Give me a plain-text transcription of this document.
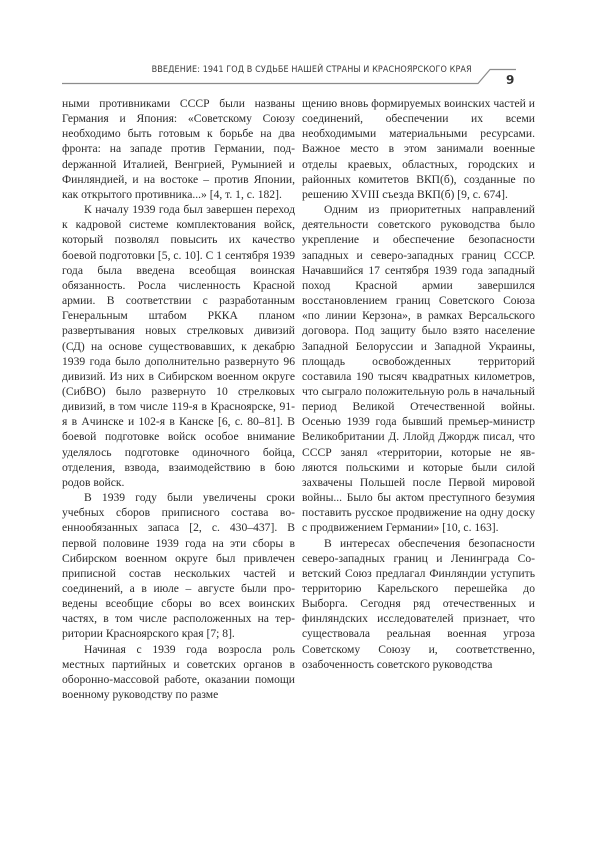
ВВЕДЕНИЕ: 1941 ГОД В СУДЬБЕ НАШЕЙ СТРАНЫ И КРАСНОЯРСКОГО КРАЯ
9

ными противниками СССР были названы Германия и Япония: «Советскому Союзу необходимо быть готовым к борьбе на два фронта: на западе против Германии, подdержанной Италией, Венгрией, Румынией и Финляндией, и на востоке – против Японии, как открытого противника...» [4, т. 1, с. 182].

К началу 1939 года был завершен переход к кадровой системе комплектования войск, который позволял повысить их качество боевой подготовки [5, с. 10]. С 1 сентября 1939 года была введена всеобщая воинская обязанность. Росла численность Красной армии. В соответствии с разработанным Генеральным штабом РККА планом развертывания новых стрелковых дивизий (СД) на основе существовавших, к декабрю 1939 года было дополнительно развернуто 96 дивизий. Из них в Сибирском военном округе (СибВО) было развернуто 10 стрелковых дивизий, в том числе 119-я в Красноярске, 91-я в Ачинске и 102-я в Канске [6, с. 80–81]. В боевой подготовке войск особое внимание уделялось подготовке одиночного бойца, отделения, взвода, взаимодействию в бою родов войск.

В 1939 году были увеличены сроки учебных сборов приписного состава военнообязанных запаса [2, с. 430–437]. В первой половине 1939 года на эти сборы в Сибирском военном округе был привлечен приписной состав нескольких частей и соединений, а в июле – августе были проведены всеобщие сборы во всех воинских частях, в том числе расположенных на территории Красноярского края [7; 8].

Начиная с 1939 года возросла роль местных партийных и советских органов в оборонно-массовой работе, оказании помощи военному руководству по разме

щению вновь формируемых воинских частей и соединений, обеспечении их всеми необходимыми материальными ресурсами. Важное место в этом занимали военные отделы краевых, областных, городских и районных комитетов ВКП(б), созданные по решению XVIII съезда ВКП(б) [9, с. 674].

Одним из приоритетных направлений деятельности советского руководства было укрепление и обеспечение безопасности западных и северо-западных границ СССР. Начавшийся 17 сентября 1939 года западный поход Красной армии завершился восстановлением границ Советского Союза «по линии Керзона», в рамках Версальского договора. Под защиту было взято население Западной Белоруссии и Западной Украины, площадь освобожденных территорий составила 190 тысяч квадратных километров, что сыграло положительную роль в начальный период Великой Отечественной войны. Осенью 1939 года бывший премьер-министр Великобритании Д. Ллойд Джордж писал, что СССР занял «территории, которые не являются польскими и которые были силой захвачены Польшей после Первой мировой войны... Было бы актом преступного безумия поставить русское продвижение на одну доску с продвижением Германии» [10, с. 163].

В интересах обеспечения безопасности северо-западных границ и Ленинграда Советский Союз предлагал Финляндии уступить территорию Карельского перешейка до Выборга. Сегодня ряд отечественных и финляндских исследователей признает, что существовала реальная военная угроза Советскому Союзу и, соответственно, озабоченность советского руководства
